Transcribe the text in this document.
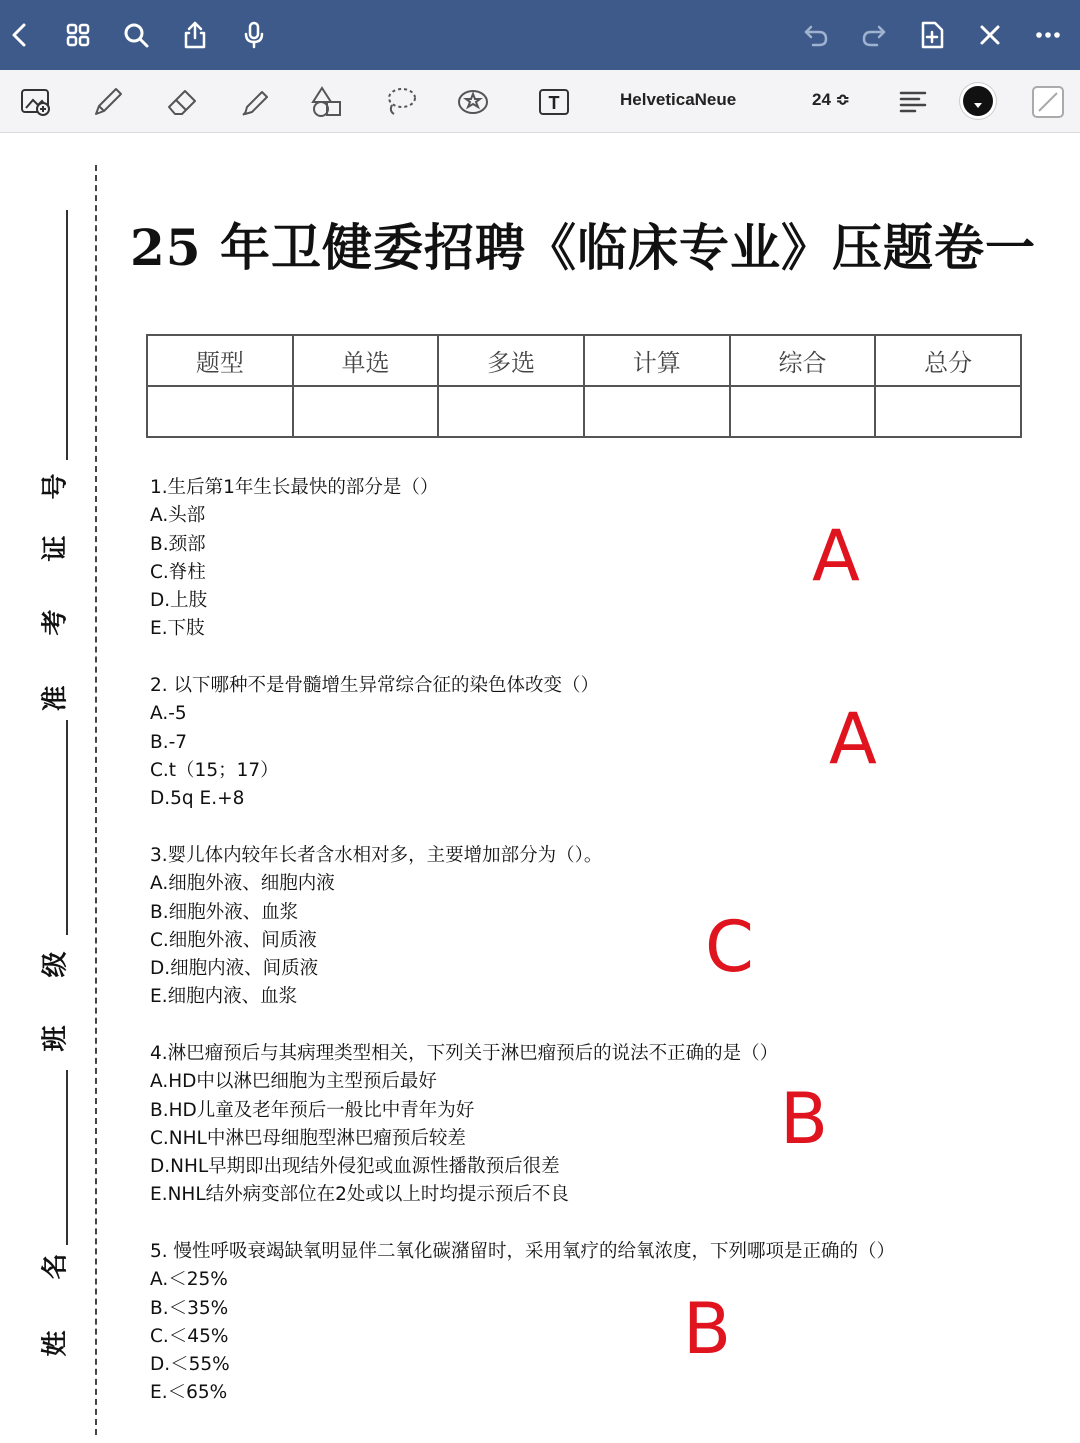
T	HelveticaNeue	24 ≎
号
证
考
准
级
班
名
姓
25 年卫健委招聘《临床专业》压题卷一
题型	单选	多选	计算	综合	总分

1.生后第1年生长最快的部分是（）
A.头部
B.颈部
C.脊柱
D.上肢
E.下肢
A
2. 以下哪种不是骨髓增生异常综合征的染色体改变（）
A.-5
B.-7
C.t（15；17）
D.5q E.+8
A
3.婴儿体内较年长者含水相对多，主要增加部分为（）。
A.细胞外液、细胞内液
B.细胞外液、血浆
C.细胞外液、间质液
D.细胞内液、间质液
E.细胞内液、血浆
C
4.淋巴瘤预后与其病理类型相关，下列关于淋巴瘤预后的说法不正确的是（）
A.HD中以淋巴细胞为主型预后最好
B.HD儿童及老年预后一般比中青年为好
C.NHL中淋巴母细胞型淋巴瘤预后较差
D.NHL早期即出现结外侵犯或血源性播散预后很差
E.NHL结外病变部位在2处或以上时均提示预后不良
B
5. 慢性呼吸衰竭缺氧明显伴二氧化碳潴留时，采用氧疗的给氧浓度，下列哪项是正确的（）
A.＜25%
B.＜35%
C.＜45%
D.＜55%
E.＜65%
B
